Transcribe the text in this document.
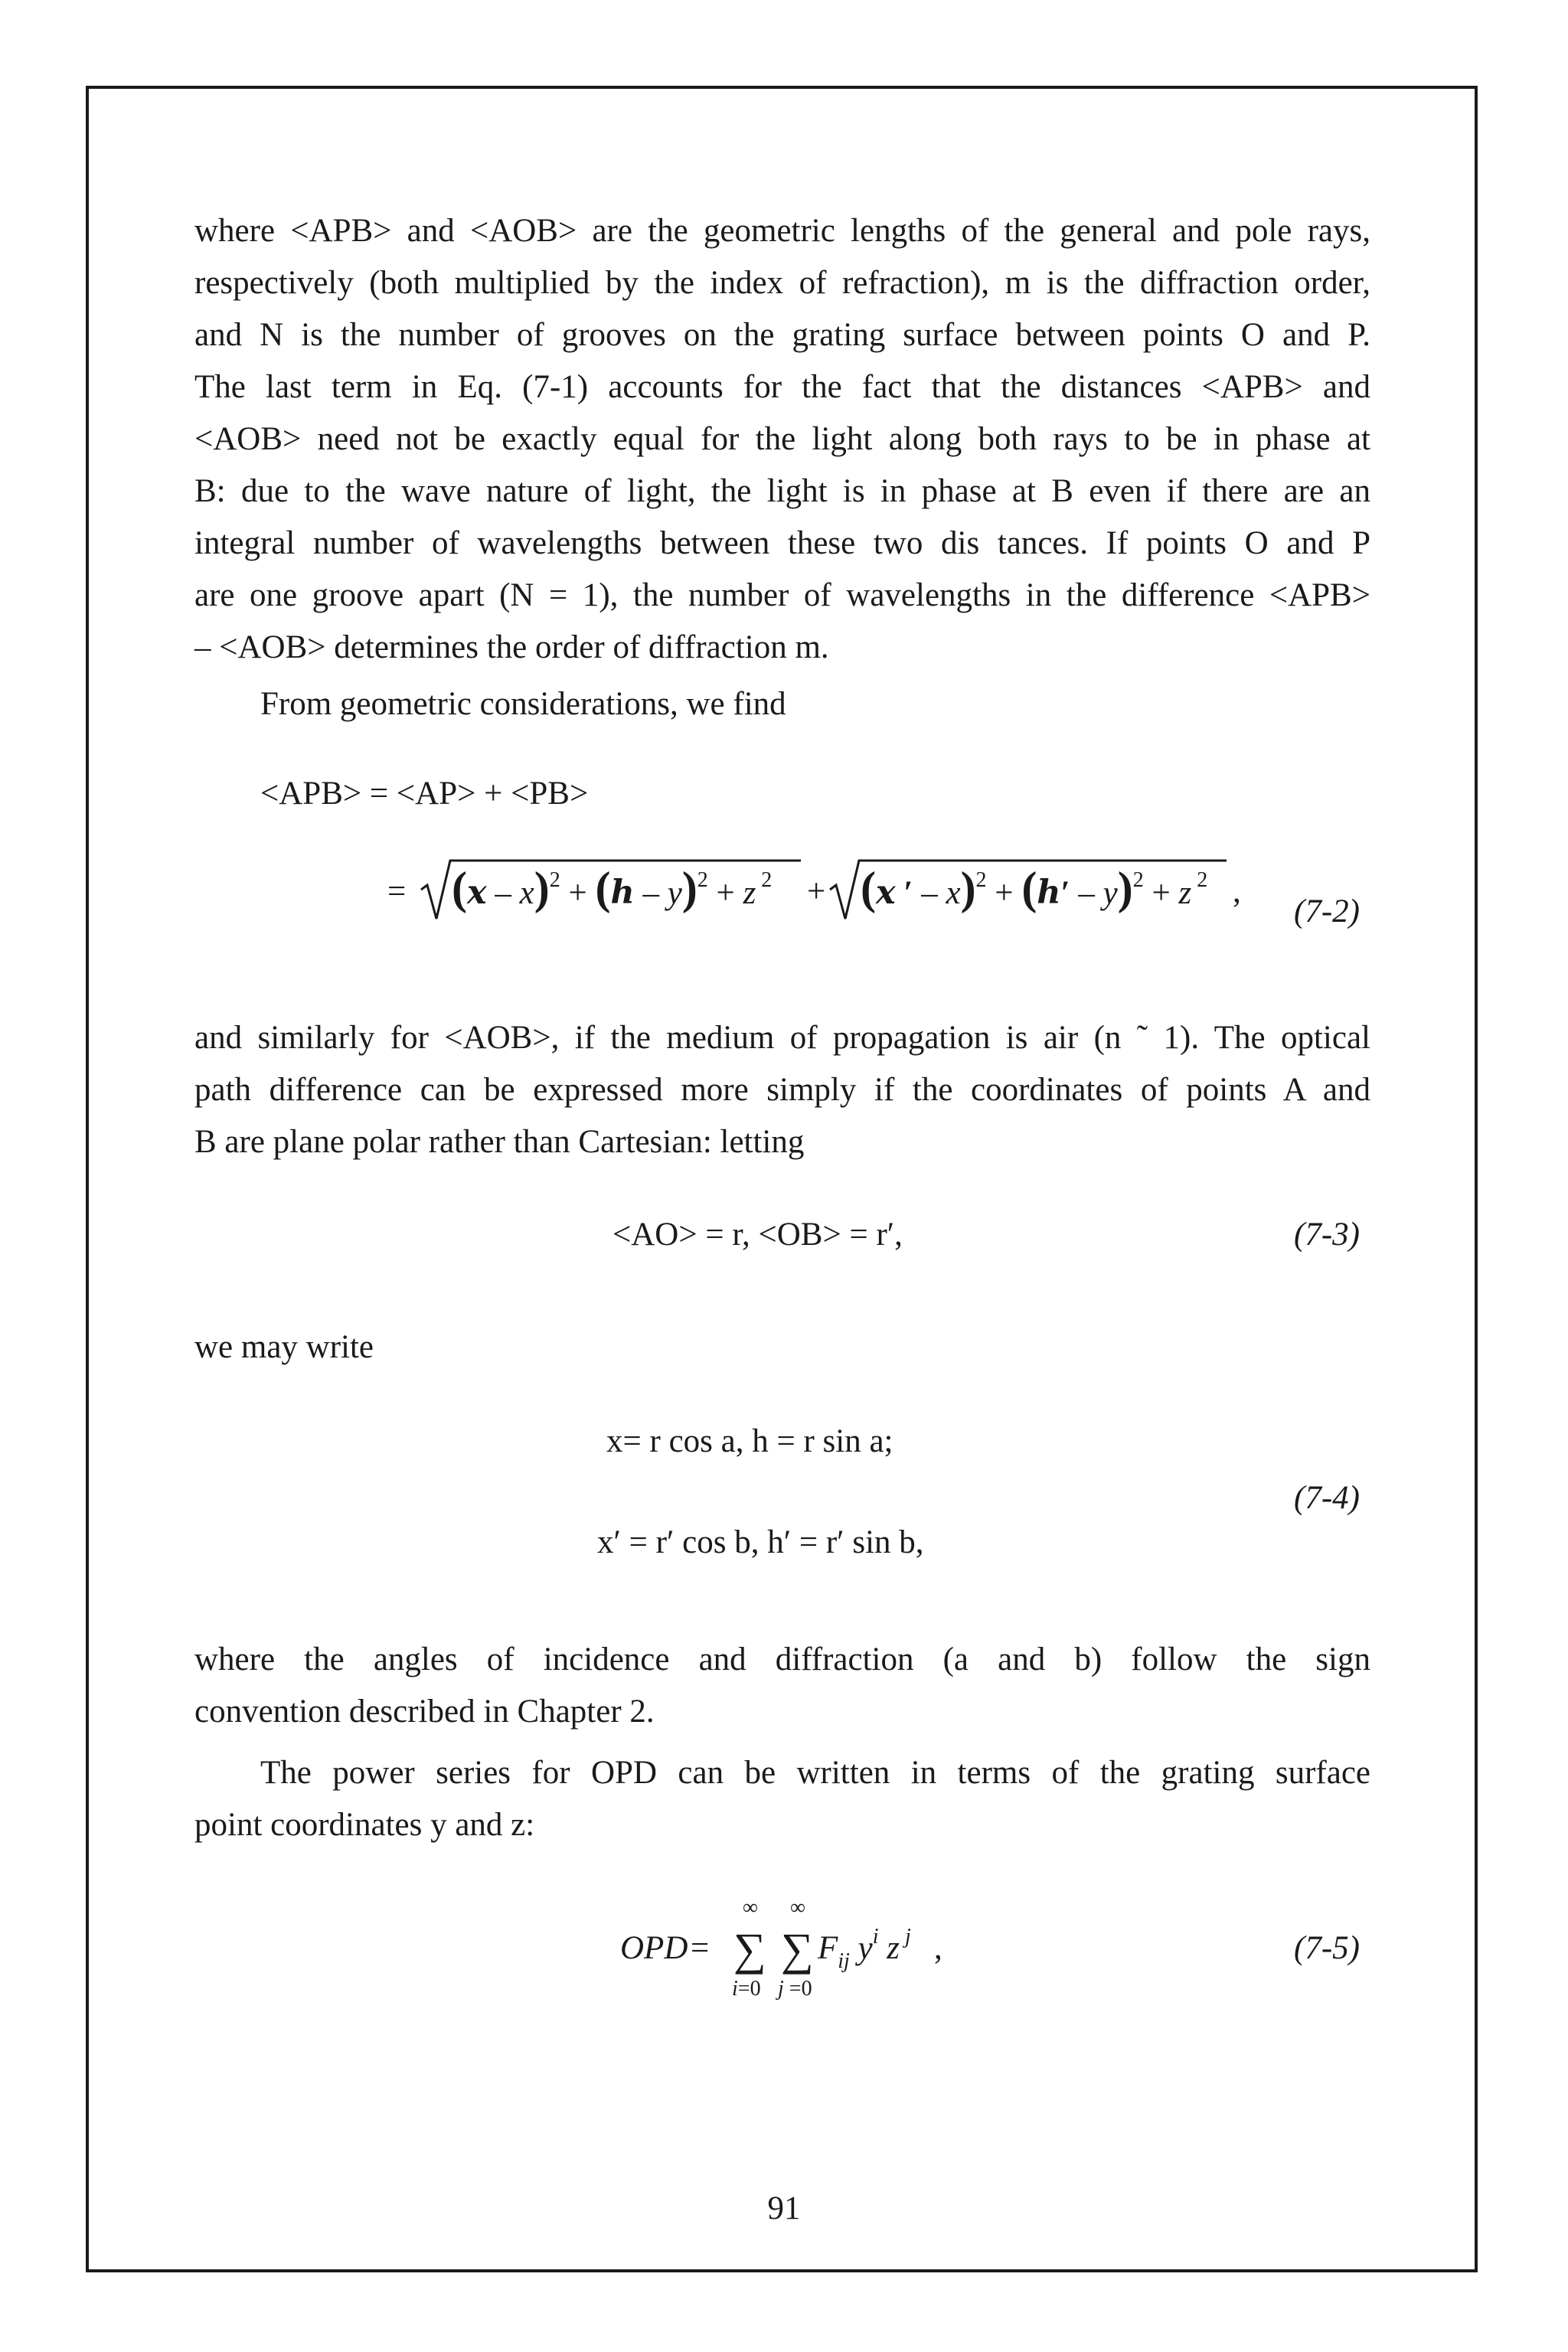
where <APB> and <AOB> are the geometric lengths of the general and pole rays,
respectively (both multiplied by the index of refraction), m is the diffraction order,
and N is the number of grooves on the grating surface between points O and P.
The last term in Eq. (7-1) accounts for the fact that the distances <APB> and
<AOB> need not be exactly equal for the light along both rays to be in phase at
B: due to the wave nature of light, the light is in phase at B even if there are an
integral number of wavelengths between these two dis tances. If points O and P
are one groove apart (N = 1), the number of wavelengths in the difference <APB>
– <AOB> determines the order of diffraction m.

From geometric considerations, we find

<APB> = <AP> + <PB>
= (x – x)$^2$ + (h – y)$^2$ + z $^2$ + (x ′ – x)$^2$ + (h′ – y)$^2$ + z $^2$ ,
(7-2)

and similarly for <AOB>, if the medium of propagation is air (n ˜ 1). The optical
path difference can be expressed more simply if the coordinates of points A and
B are plane polar rather than Cartesian: letting

<AO> = r, <OB> = r′,	(7-3)

we may write

x= r cos a, h = r sin a;
x′ = r′ cos b, h′ = r′ sin b,
(7-4)

where the angles of incidence and diffraction (a and b) follow the sign
convention described in Chapter 2.

The power series for OPD can be written in terms of the grating surface
point coordinates y and z:

OPD =
∞
∑
i=0
∞
∑
j =0
$F_{ij}$ $y^i$ z $^j$ ,	(7-5)
91
